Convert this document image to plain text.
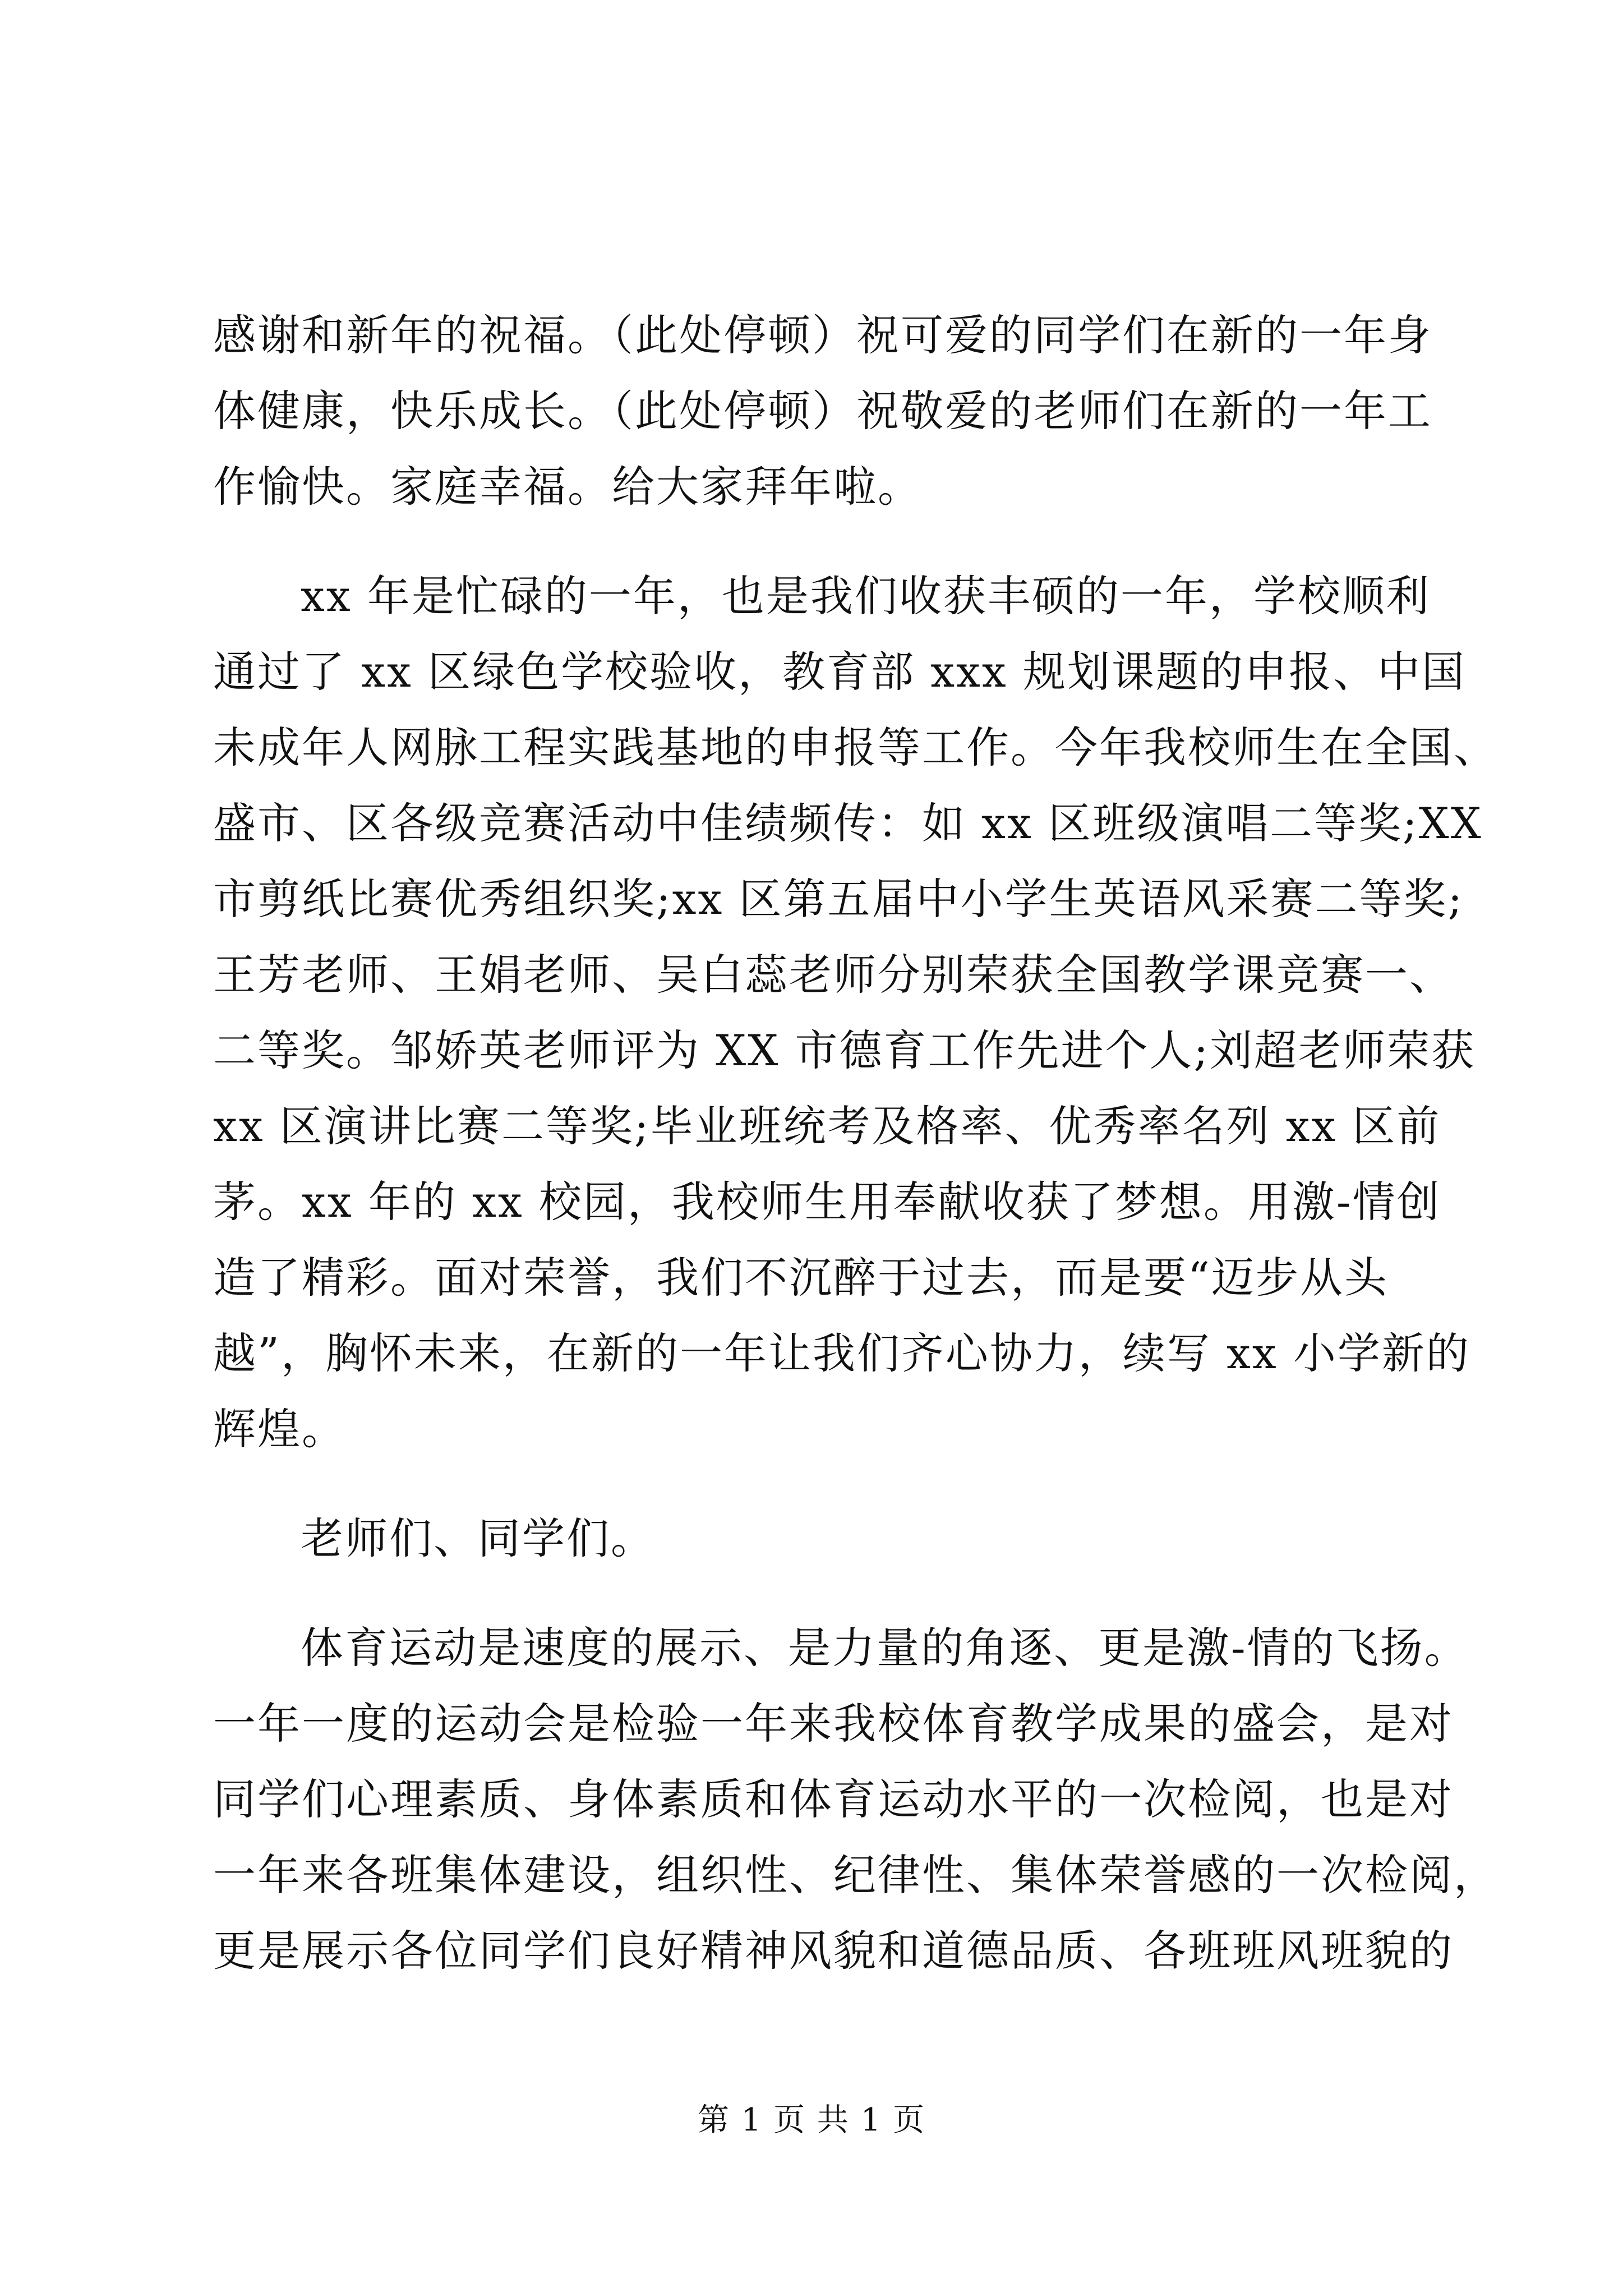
感谢和新年的祝福。（此处停顿）祝可爱的同学们在新的一年身
体健康，快乐成长。（此处停顿）祝敬爱的老师们在新的一年工
作愉快。家庭幸福。给大家拜年啦。
xx 年是忙碌的一年，也是我们收获丰硕的一年，学校顺利
通过了 xx 区绿色学校验收，教育部 xxx 规划课题的申报、中国
未成年人网脉工程实践基地的申报等工作。今年我校师生在全国、
盛市、区各级竞赛活动中佳绩频传：如 xx 区班级演唱二等奖;XX
市剪纸比赛优秀组织奖;xx 区第五届中小学生英语风采赛二等奖;
王芳老师、王娟老师、吴白蕊老师分别荣获全国教学课竞赛一、
二等奖。邹娇英老师评为 XX 市德育工作先进个人;刘超老师荣获
xx 区演讲比赛二等奖;毕业班统考及格率、优秀率名列 xx 区前
茅。xx 年的 xx 校园，我校师生用奉献收获了梦想。用激-情创
造了精彩。面对荣誉，我们不沉醉于过去，而是要“迈步从头
越”，胸怀未来，在新的一年让我们齐心协力，续写 xx 小学新的
辉煌。
老师们、同学们。
体育运动是速度的展示、是力量的角逐、更是激-情的飞扬。
一年一度的运动会是检验一年来我校体育教学成果的盛会，是对
同学们心理素质、身体素质和体育运动水平的一次检阅，也是对
一年来各班集体建设，组织性、纪律性、集体荣誉感的一次检阅，
更是展示各位同学们良好精神风貌和道德品质、各班班风班貌的
第 1 页 共 1 页
